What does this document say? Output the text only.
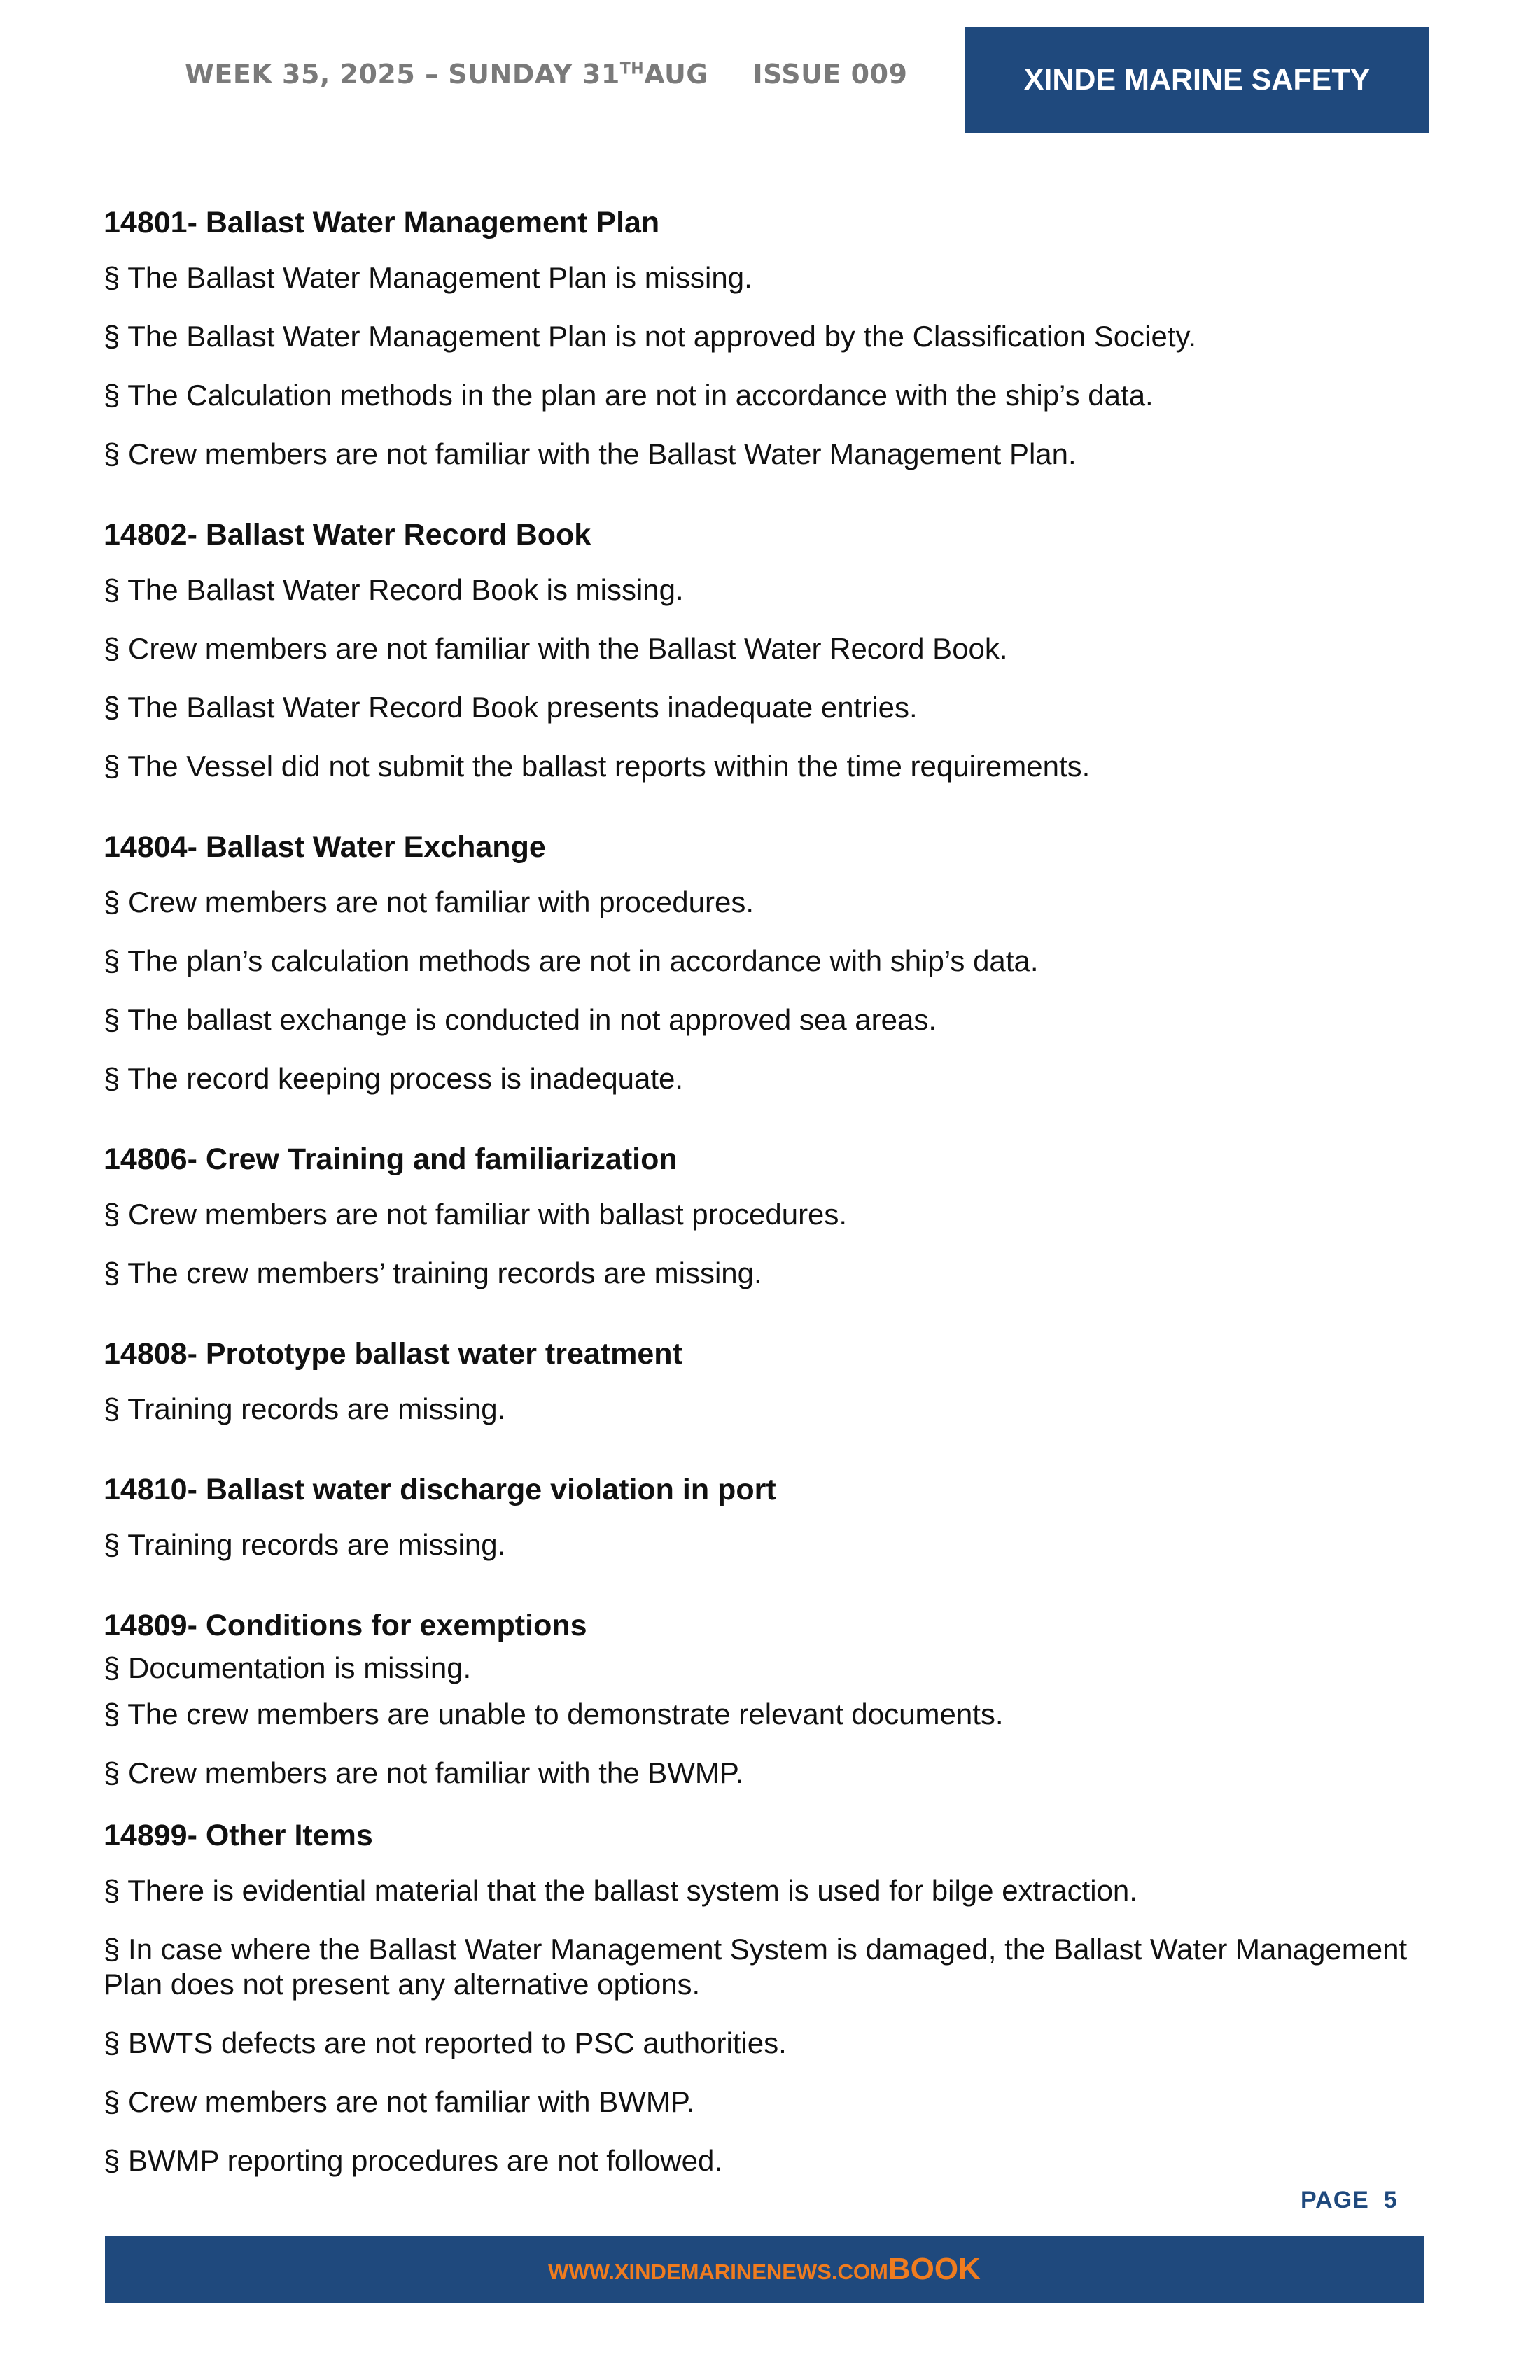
WEEK 35, 2025 – SUNDAY 31THAUG ISSUE 009	XINDE MARINE SAFETY
14801- Ballast Water Management Plan
§ The Ballast Water Management Plan is missing.
§ The Ballast Water Management Plan is not approved by the Classification Society.
§ The Calculation methods in the plan are not in accordance with the ship’s data.
§ Crew members are not familiar with the Ballast Water Management Plan.
14802- Ballast Water Record Book
§ The Ballast Water Record Book is missing.
§ Crew members are not familiar with the Ballast Water Record Book.
§ The Ballast Water Record Book presents inadequate entries.
§ The Vessel did not submit the ballast reports within the time requirements.
14804- Ballast Water Exchange
§ Crew members are not familiar with procedures.
§ The plan’s calculation methods are not in accordance with ship’s data.
§ The ballast exchange is conducted in not approved sea areas.
§ The record keeping process is inadequate.
14806- Crew Training and familiarization
§ Crew members are not familiar with ballast procedures.
§ The crew members’ training records are missing.
14808- Prototype ballast water treatment
§ Training records are missing.
14810- Ballast water discharge violation in port
§ Training records are missing.
14809- Conditions for exemptions
§ Documentation is missing.
§ The crew members are unable to demonstrate relevant documents.
§ Crew members are not familiar with the BWMP.
14899- Other Items
§ There is evidential material that the ballast system is used for bilge extraction.
§ In case where the Ballast Water Management System is damaged, the Ballast Water Management Plan does not present any alternative options.
§ BWTS defects are not reported to PSC authorities.
§ Crew members are not familiar with BWMP.
§ BWMP reporting procedures are not followed.
PAGE 5
WWW.XINDEMARINENEWS.COMBOOK
